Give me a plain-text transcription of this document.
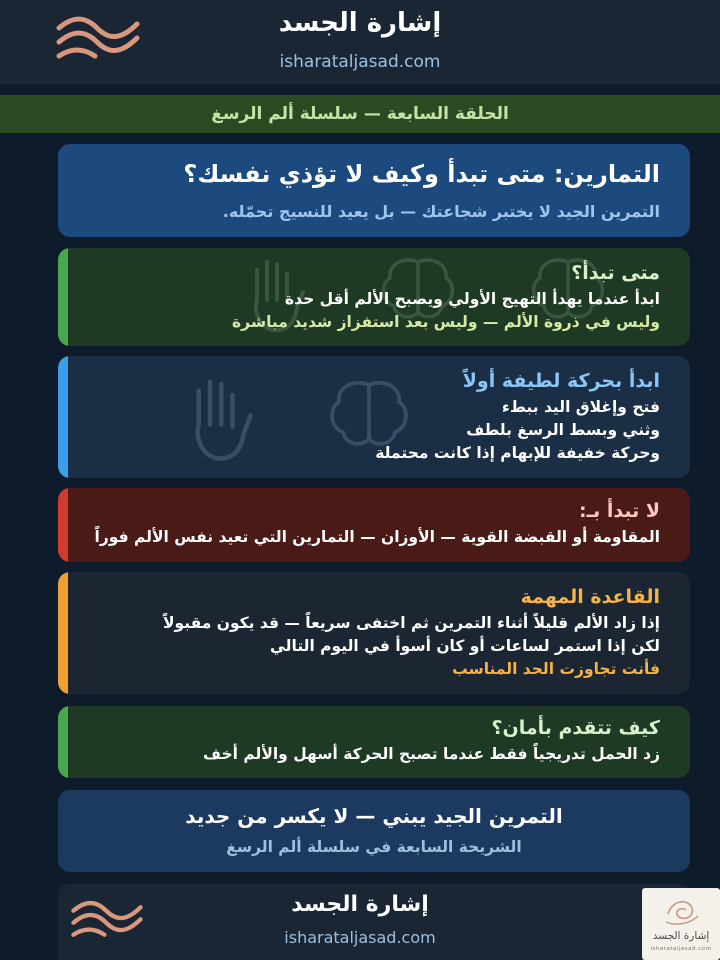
إشارة الجسد
isharataljasad.com
الحلقة السابعة — سلسلة ألم الرسغ
التمارين: متى تبدأ وكيف لا تؤذي نفسك؟
التمرين الجيد لا يختبر شجاعتك — بل يعيد للنسيج تحمّله.
متى تبدأ؟
ابدأ عندما يهدأ التهيج الأولي ويصبح الألم أقل حدة
وليس في ذروة الألم — وليس بعد استفزاز شديد مباشرة
ابدأ بحركة لطيفة أولاً
فتح وإغلاق اليد ببطء
وثني وبسط الرسغ بلطف
وحركة خفيفة للإبهام إذا كانت محتملة
لا تبدأ بـ:
المقاومة أو القبضة القوية — الأوزان — التمارين التي تعيد نفس الألم فوراً
القاعدة المهمة
إذا زاد الألم قليلاً أثناء التمرين ثم اختفى سريعاً — قد يكون مقبولاً
لكن إذا استمر لساعات أو كان أسوأ في اليوم التالي
فأنت تجاوزت الحد المناسب
كيف تتقدم بأمان؟
زد الحمل تدريجياً فقط عندما تصبح الحركة أسهل والألم أخف
التمرين الجيد يبني — لا يكسر من جديد
الشريحة السابعة في سلسلة ألم الرسغ
إشارة الجسد
isharataljasad.com	إشارة الجسد
isharataljasad.com
